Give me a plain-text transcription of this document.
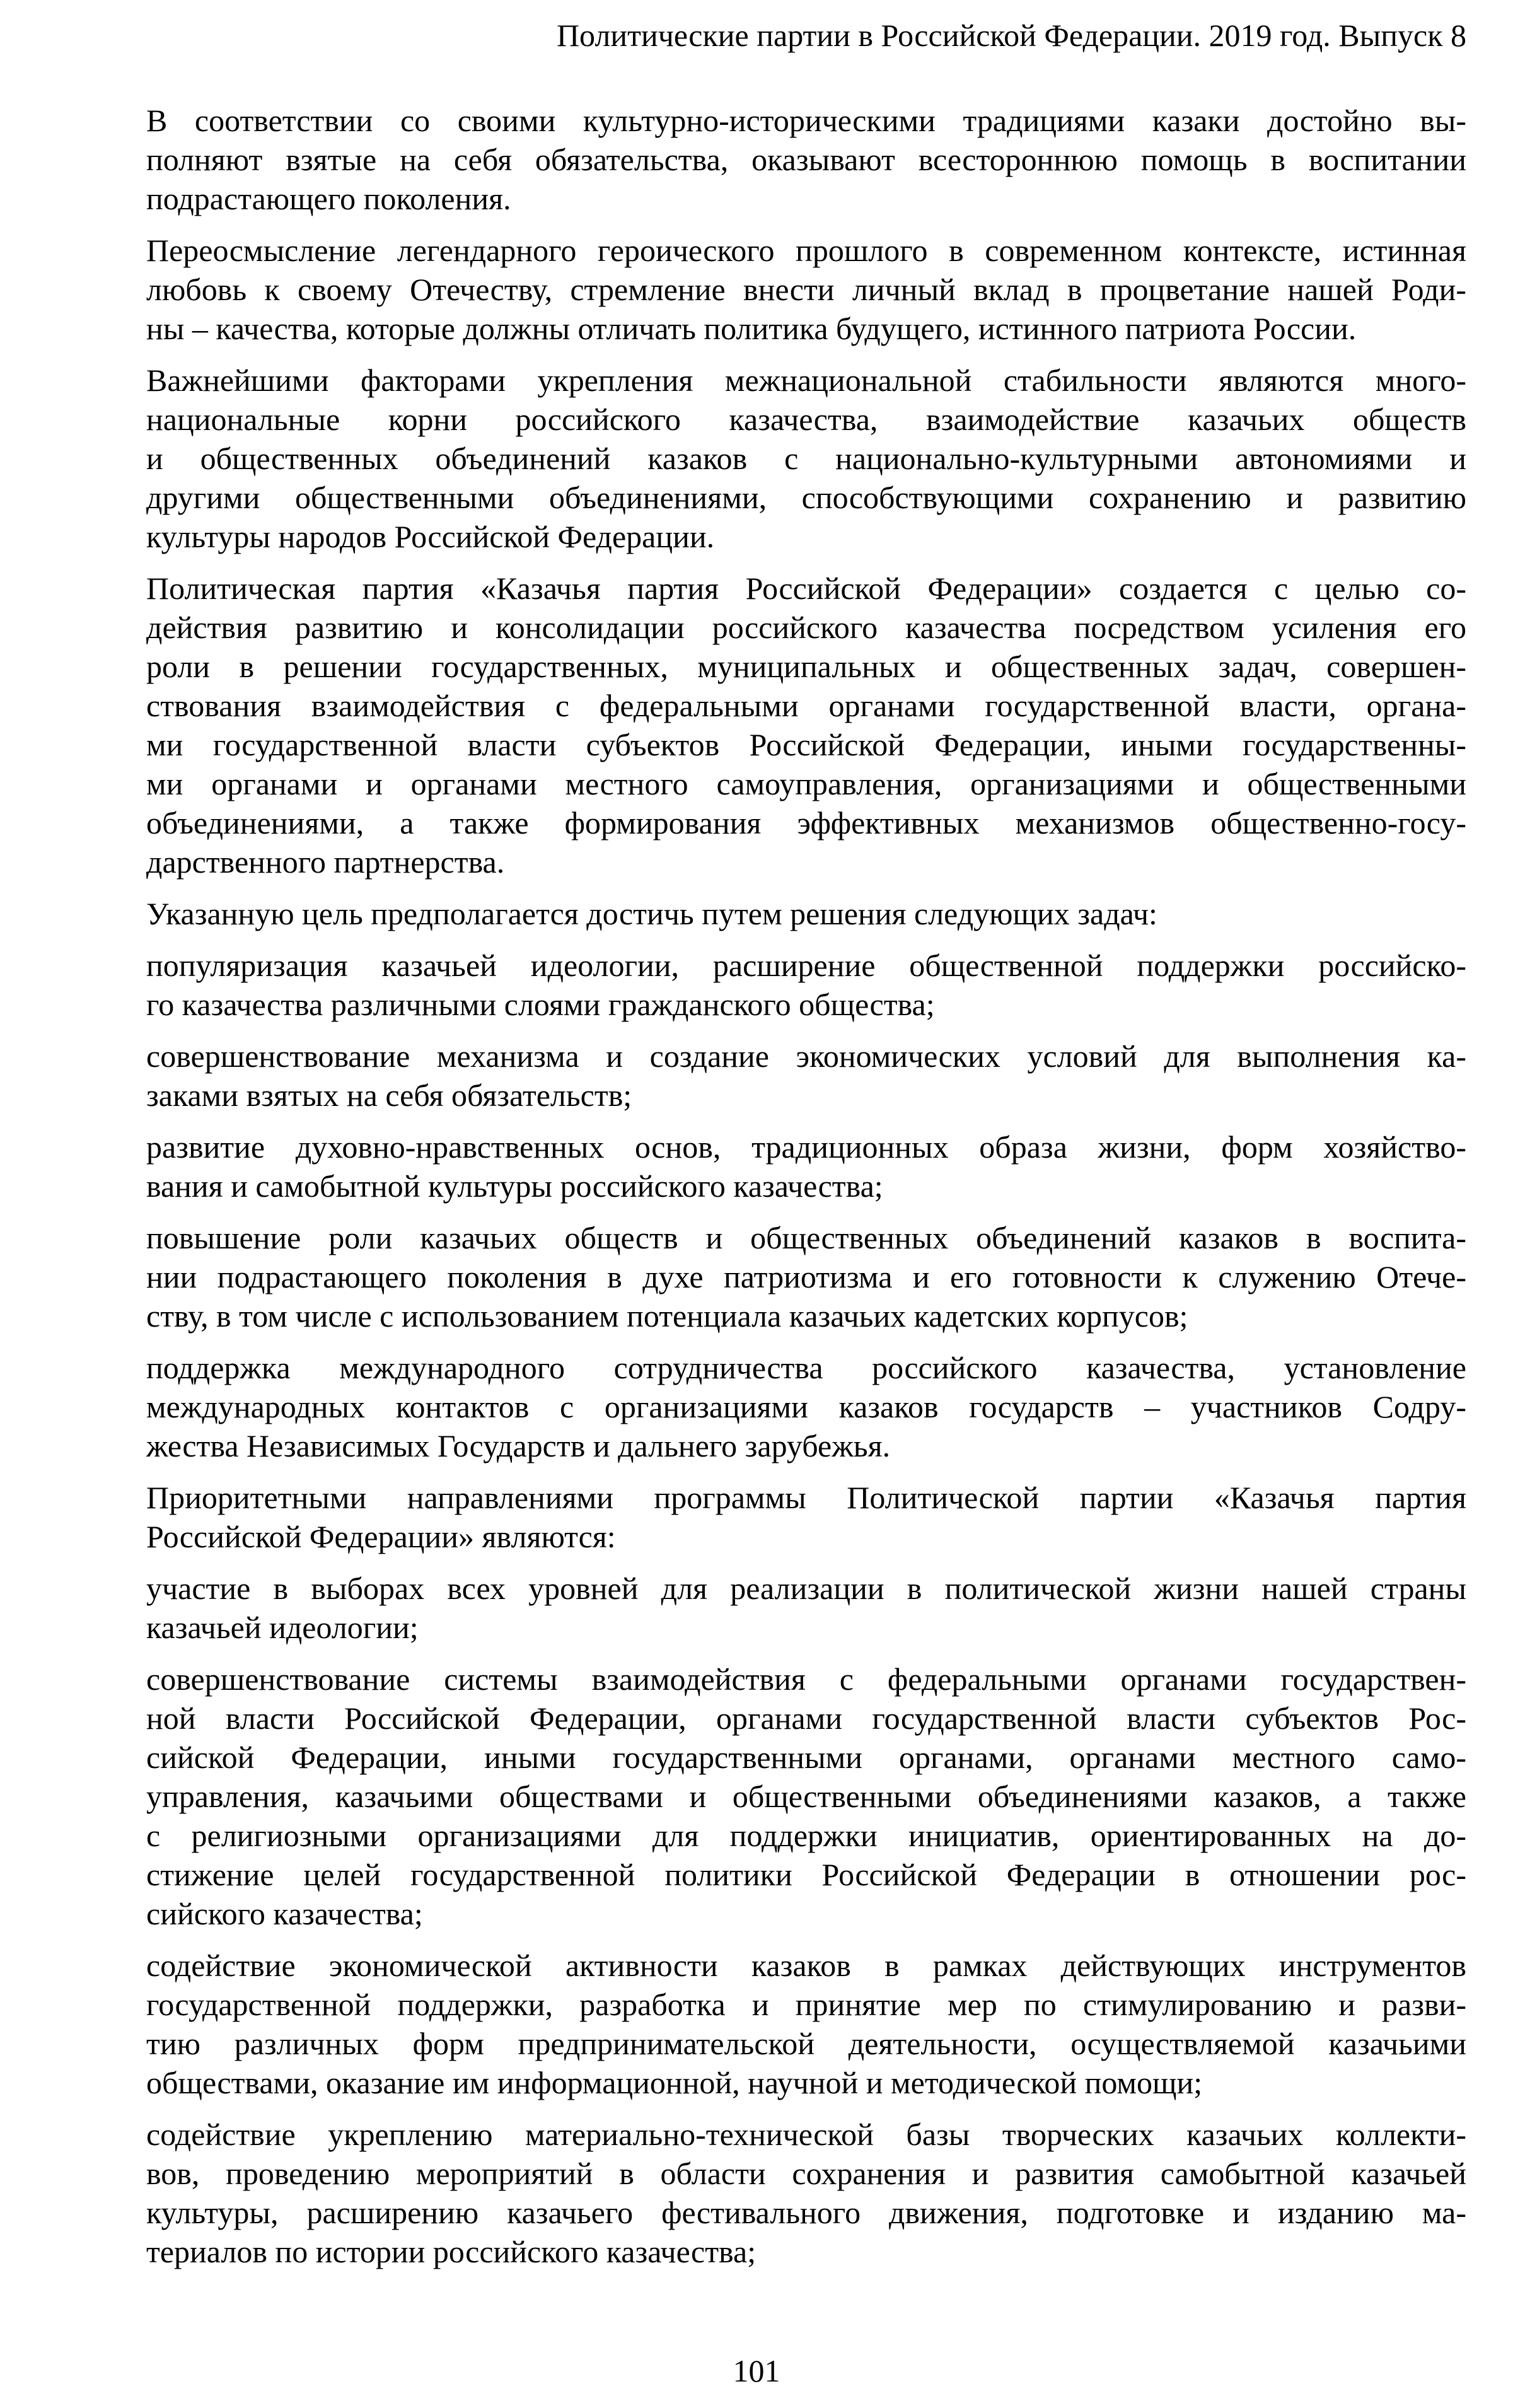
Политические партии в Российской Федерации. 2019 год. Выпуск 8

В соответствии со своими культурно-историческими традициями казаки достойно вы-
полняют взятые на себя обязательства, оказывают всестороннюю помощь в воспитании
подрастающего поколения.

Переосмысление легендарного героического прошлого в современном контексте, истинная
любовь к своему Отечеству, стремление внести личный вклад в процветание нашей Роди-
ны – качества, которые должны отличать политика будущего, истинного патриота России.

Важнейшими факторами укрепления межнациональной стабильности являются много-
национальные корни российского казачества, взаимодействие казачьих обществ
и общественных объединений казаков с национально-культурными автономиями и
другими общественными объединениями, способствующими сохранению и развитию
культуры народов Российской Федерации.

Политическая партия «Казачья партия Российской Федерации» создается с целью со-
действия развитию и консолидации российского казачества посредством усиления его
роли в решении государственных, муниципальных и общественных задач, совершен-
ствования взаимодействия с федеральными органами государственной власти, органа-
ми государственной власти субъектов Российской Федерации, иными государственны-
ми органами и органами местного самоуправления, организациями и общественными
объединениями, а также формирования эффективных механизмов общественно-госу-
дарственного партнерства.

Указанную цель предполагается достичь путем решения следующих задач:

популяризация казачьей идеологии, расширение общественной поддержки российско-
го казачества различными слоями гражданского общества;

совершенствование механизма и создание экономических условий для выполнения ка-
заками взятых на себя обязательств;

развитие духовно-нравственных основ, традиционных образа жизни, форм хозяйство-
вания и самобытной культуры российского казачества;

повышение роли казачьих обществ и общественных объединений казаков в воспита-
нии подрастающего поколения в духе патриотизма и его готовности к служению Отече-
ству, в том числе с использованием потенциала казачьих кадетских корпусов;

поддержка международного сотрудничества российского казачества, установление
международных контактов с организациями казаков государств – участников Содру-
жества Независимых Государств и дальнего зарубежья.

Приоритетными направлениями программы Политической партии «Казачья партия
Российской Федерации» являются:

участие в выборах всех уровней для реализации в политической жизни нашей страны
казачьей идеологии;

совершенствование системы взаимодействия с федеральными органами государствен-
ной власти Российской Федерации, органами государственной власти субъектов Рос-
сийской Федерации, иными государственными органами, органами местного само-
управления, казачьими обществами и общественными объединениями казаков, а также
с религиозными организациями для поддержки инициатив, ориентированных на до-
стижение целей государственной политики Российской Федерации в отношении рос-
сийского казачества;

содействие экономической активности казаков в рамках действующих инструментов
государственной поддержки, разработка и принятие мер по стимулированию и разви-
тию различных форм предпринимательской деятельности, осуществляемой казачьими
обществами, оказание им информационной, научной и методической помощи;

содействие укреплению материально-технической базы творческих казачьих коллекти-
вов, проведению мероприятий в области сохранения и развития самобытной казачьей
культуры, расширению казачьего фестивального движения, подготовке и изданию ма-
териалов по истории российского казачества;

101
